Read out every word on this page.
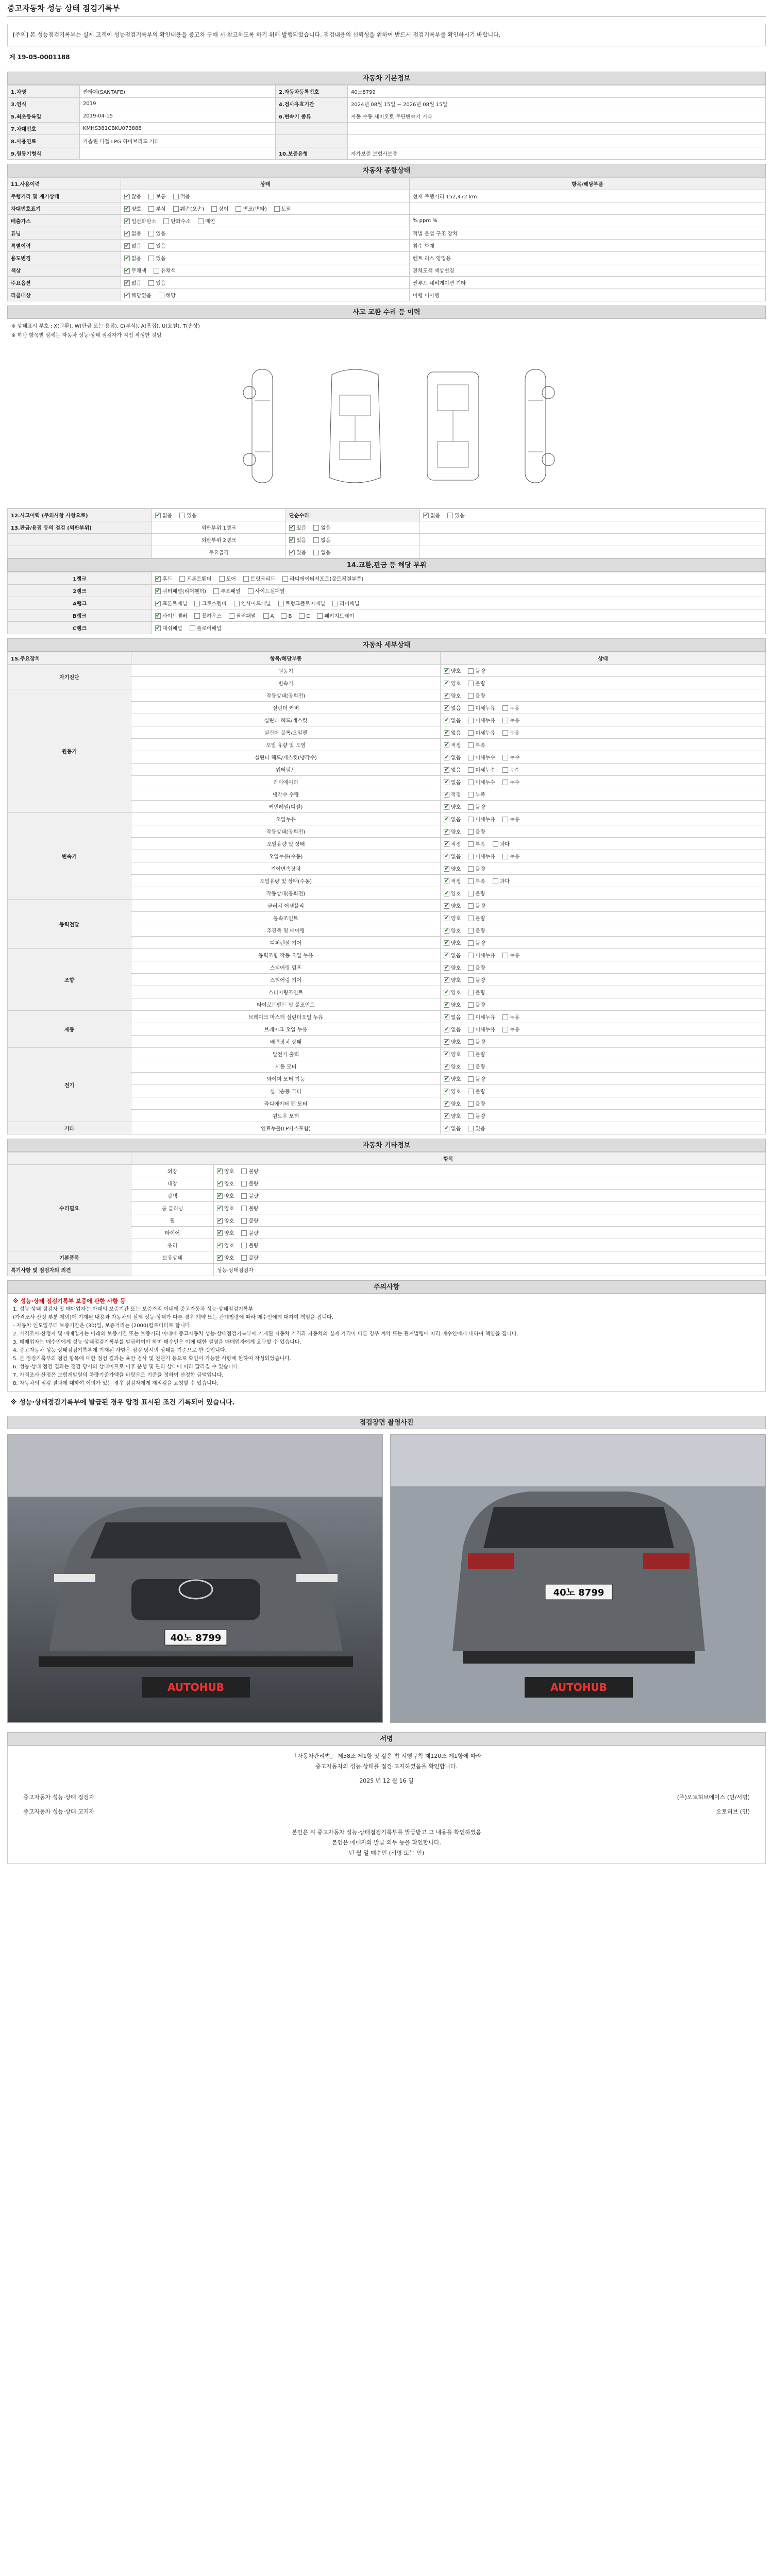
중고자동차 성능 상태 점검기록부
[주의] 본 성능점검기록부는 실제 고객이 성능점검기록부의 확인내용을 중고차 구매 시 참고하도록 하기 위해 발행되었습니다. 점검내용의 신뢰성을 위하여 반드시 점검기록부를 확인하시기 바랍니다.
제 19-05-0001188
자동차 기본정보
1.차명	싼타페(SANTAFE)	2.자동차등록번호	40노8799
3.연식	2019	4.검사유효기간	2024년 08월 15일 ~ 2026년 08월 15일
5.최초등록일	2019-04-15	6.변속기 종류	자동 수동 세미오토 무단변속기 기타
7.차대번호	KMHS381CBKU073888		
8.사용연료	가솔린 디젤 LPG 하이브리드 기타		
9.원동기형식		10.보증유형	자가보증 보험사보증
자동차 종합상태
11.사용이력	상태	항목/해당부품
주행거리 및 계기상태	✔많음 보통 적음	현재 주행거리 152,472 km
차대번호표기	✔양호 부식 훼손(오손) 상이 변조(변타) 도말	
배출가스	✔일산화탄소 탄화수소 매연	% ppm %
튜닝	✔없음 있음	적법 불법 구조 장치
특별이력	✔없음 있음	침수 화재
용도변경	✔없음 있음	렌트 리스 영업용
색상	✔무채색 유채색	전체도색 색상변경
주요옵션	✔없음 있음	썬루프 네비게이션 기타
리콜대상	✔해당없음 해당	이행 미이행
사고 교환 수리 등 이력
※ 상태표시 부호 : X(교환), W(판금 또는 용접), C(부식), A(흠집), U(요철), T(손상)
※ 하단 항목별 상세는 자동차 성능·상태 점검자가 직접 작성한 것임
12.사고이력 (주의사항 사항으로)	✔없음 있음	단순수리	✔없음 있음
13.판금/용접 등의 점검 (외판부위)	외판부위 1랭크	✔있음 없음	
	외판부위 2랭크	✔있음 없음	
	주요골격	✔있음 없음	
14.교환,판금 등 해당 부위
1랭크	✔후드 프론트휀더 도어 트렁크리드 라디에이터서포트(볼트체결부품)
2랭크	✔쿼터패널(리어휀더) 루프패널 사이드실패널
A랭크	✔프론트패널 크로스멤버 인사이드패널 트렁크플로어패널 리어패널
B랭크	✔사이드멤버 휠하우스 필러패널 A B C 패키지트레이
C랭크	✔대쉬패널 플로어패널
자동차 세부상태
15.주요장치	항목/해당부품	상태
자기진단	원동기	✔양호 불량
	변속기	✔양호 불량
원동기	작동상태(공회전)	✔양호 불량
	실린더 커버	✔없음 미세누유 누유
	실린더 헤드/개스킷	✔없음 미세누유 누유
	실린더 블록/오일팬	✔없음 미세누유 누유
	오일 유량 및 오염	✔적정 부족
	실린더 헤드/개스킷(냉각수)	✔없음 미세누수 누수
	워터펌프	✔없음 미세누수 누수
	라디에이터	✔없음 미세누수 누수
	냉각수 수량	✔적정 부족
	커먼레일(디젤)	✔양호 불량
변속기	오일누유	✔없음 미세누유 누유
	작동상태(공회전)	✔양호 불량
	오일유량 및 상태	✔적정 부족 과다
	오일누유(수동)	✔없음 미세누유 누유
	기어변속장치	✔양호 불량
	오일유량 및 상태(수동)	✔적정 부족 과다
	작동상태(공회전)	✔양호 불량
동력전달	클러치 어셈블리	✔양호 불량
	등속조인트	✔양호 불량
	추진축 및 베어링	✔양호 불량
	디퍼렌셜 기어	✔양호 불량
조향	동력조향 작동 오일 누유	✔없음 미세누유 누유
	스티어링 펌프	✔양호 불량
	스티어링 기어	✔양호 불량
	스티어링조인트	✔양호 불량
	타이로드엔드 및 볼조인트	✔양호 불량
제동	브레이크 마스터 실린더오일 누유	✔없음 미세누유 누유
	브레이크 오일 누유	✔없음 미세누유 누유
	배력장치 상태	✔양호 불량
전기	발전기 출력	✔양호 불량
	시동 모터	✔양호 불량
	와이퍼 모터 기능	✔양호 불량
	실내송풍 모터	✔양호 불량
	라디에이터 팬 모터	✔양호 불량
	윈도우 모터	✔양호 불량
기타	연료누출(LP가스포함)	✔없음 있음
자동차 기타정보
	항목	
수리필요	외장	✔양호 불량
	내장	✔양호 불량
	광택	✔양호 불량
	룸 클리닝	✔양호 불량
	휠	✔양호 불량
	타이어	✔양호 불량
	유리	✔양호 불량
기본품목	보유상태	✔양호 불량
특기사항 및 점검자의 의견		성능·상태점검자
주의사항
※ 성능·상태 점검기록부 보증에 관한 사항 등
1. 성능·상태 점검자 및 매매업자는 아래의 보증기간 또는 보증거리 이내에 중고자동차 성능·상태점검기록부
(가격조사·산정 부분 제외)에 기재된 내용과 자동차의 실제 성능·상태가 다른 경우 계약 또는 관계법령에 따라 매수인에게 대하여 책임을 집니다.
- 자동차 인도일부터 보증기간은 (30)일, 보증거리는 (2000)킬로미터로 합니다.
2. 가격조사·산정자 및 매매업자는 아래의 보증기간 또는 보증거리 이내에 중고자동차 성능·상태점검기록부에 기재된 자동차 가격과 자동차의 실제 가격이 다른 경우 계약 또는 관계법령에 따라 매수인에게 대하여 책임을 집니다.
3. 매매업자는 매수인에게 성능·상태점검기록부를 발급하여야 하며 매수인은 이에 대한 설명을 매매업자에게 요구할 수 있습니다.
4. 중고자동차 성능·상태점검기록부에 기재된 사항은 점검 당시의 상태를 기준으로 한 것입니다.
5. 본 점검기록부의 점검 항목에 대한 점검 결과는 육안 검사 및 진단기 등으로 확인이 가능한 사항에 한하여 작성되었습니다.
6. 성능·상태 점검 결과는 점검 당시의 상태이므로 이후 운행 및 관리 상태에 따라 달라질 수 있습니다.
7. 가격조사·산정은 보험개발원의 차량기준가액을 바탕으로 기준을 정하여 산정한 금액입니다.
8. 자동차의 점검 결과에 대하여 이의가 있는 경우 점검자에게 재점검을 요청할 수 있습니다.
※ 성능·상태점검기록부에 발급된 경우 압정 표시된 조건 기록되어 있습니다.
점검장면 촬영사진
40노 8799
AUTOHUB
40노 8799
AUTOHUB
서명
「자동차관리법」 제58조 제1항 및 같은 법 시행규칙 제120조 제1항에 따라
중고자동차의 성능·상태를 점검·고지하였음을 확인합니다.
2025 년 12 월 16 일
중고자동차 성능·상태 점검자	(주)오토허브에이스 (인/서명)
중고자동차 성능·상태 고지자	오토허브 (인)
본인은 위 중고자동차 성능·상태점검기록부를 발급받고 그 내용을 확인하였음
본인은 매매자의 발급 의무 등을 확인합니다.
년 월 일 매수인 (서명 또는 인)
